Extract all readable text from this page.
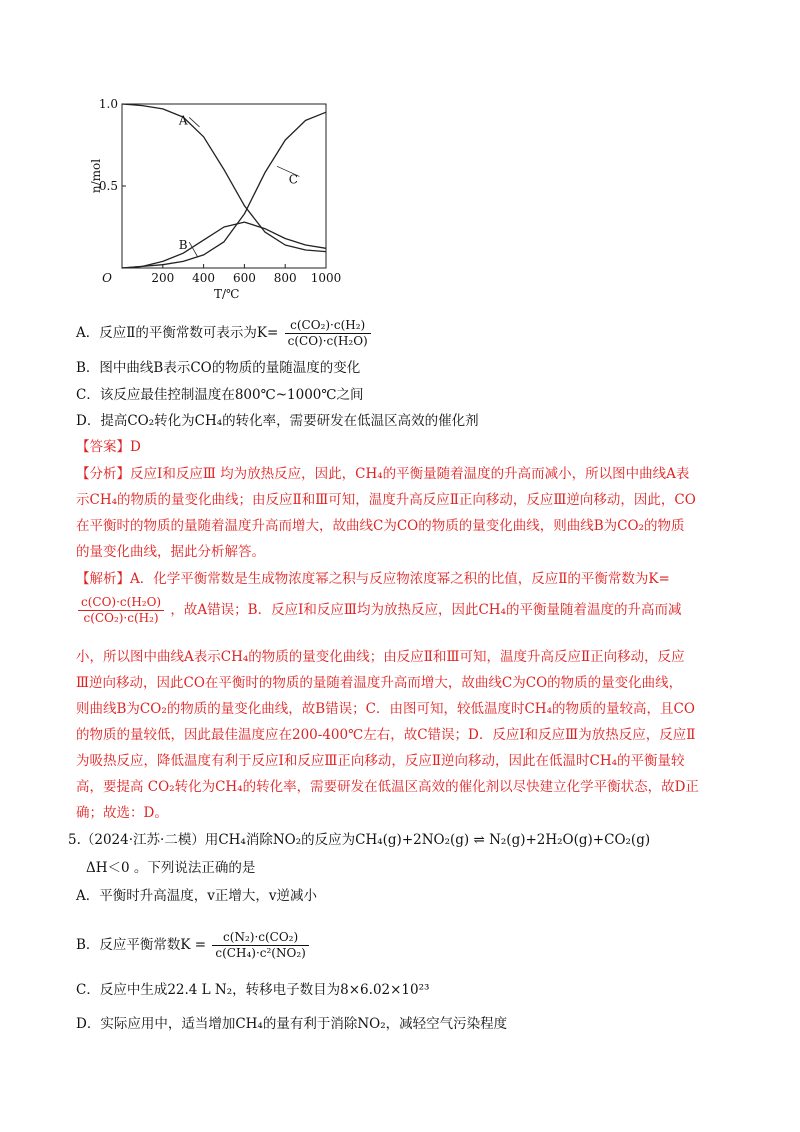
200 400 600 800 1000
1.0
0.5
O
T/℃
n/mol
A
B
C
A．反应Ⅱ的平衡常数可表示为$K= \frac{\text{c(CO₂)·c(H₂)}}{\text{c(CO)·c(H₂O)}}$
B．图中曲线B表示CO的物质的量随温度的变化
C．该反应最佳控制温度在800℃~1000℃之间
D．提高CO₂转化为CH₄的转化率，需要研发在低温区高效的催化剂
【答案】D
【分析】反应Ⅰ和反应Ⅲ 均为放热反应，因此，CH₄的平衡量随着温度的升高而减小，所以图中曲线A表
示CH₄的物质的量变化曲线；由反应Ⅱ和Ⅲ可知，温度升高反应Ⅱ正向移动，反应Ⅲ逆向移动，因此，CO
在平衡时的物质的量随着温度升高而增大，故曲线C为CO的物质的量变化曲线，则曲线B为CO₂的物质
的量变化曲线，据此分析解答。
【解析】A．化学平衡常数是生成物浓度幂之积与反应物浓度幂之积的比值，反应Ⅱ的平衡常数为K=
$\frac{\text{c(CO)·c(H₂O)}}{\text{c(CO₂)·c(H₂)}}$ ，故A错误；B．反应Ⅰ和反应Ⅲ均为放热反应，因此CH₄的平衡量随着温度的升高而减
小，所以图中曲线A表示CH₄的物质的量变化曲线；由反应Ⅱ和Ⅲ可知，温度升高反应Ⅱ正向移动，反应
Ⅲ逆向移动，因此CO在平衡时的物质的量随着温度升高而增大，故曲线C为CO的物质的量变化曲线，
则曲线B为CO₂的物质的量变化曲线，故B错误；C．由图可知，较低温度时CH₄的物质的量较高，且CO
的物质的量较低，因此最佳温度应在200-400℃左右，故C错误；D．反应Ⅰ和反应Ⅲ为放热反应，反应Ⅱ
为吸热反应，降低温度有利于反应Ⅰ和反应Ⅲ正向移动，反应Ⅱ逆向移动，因此在低温时CH₄的平衡量较
高，要提高 CO₂转化为CH₄的转化率，需要研发在低温区高效的催化剂以尽快建立化学平衡状态，故D正
确；故选：D。
5.（2024·江苏·二模）用CH₄消除NO₂的反应为CH₄(g)+2NO₂(g) ⇌ N₂(g)+2H₂O(g)+CO₂(g)
ΔH＜0 。下列说法正确的是
A．平衡时升高温度，v正增大，v逆减小
B．反应平衡常数$K = \frac{\text{c(N₂)·c(CO₂)}}{\text{c(CH₄)·c²(NO₂)}}$
C．反应中生成22.4 L N₂，转移电子数目为8×6.02×10²³
D．实际应用中，适当增加CH₄的量有利于消除NO₂，减轻空气污染程度
